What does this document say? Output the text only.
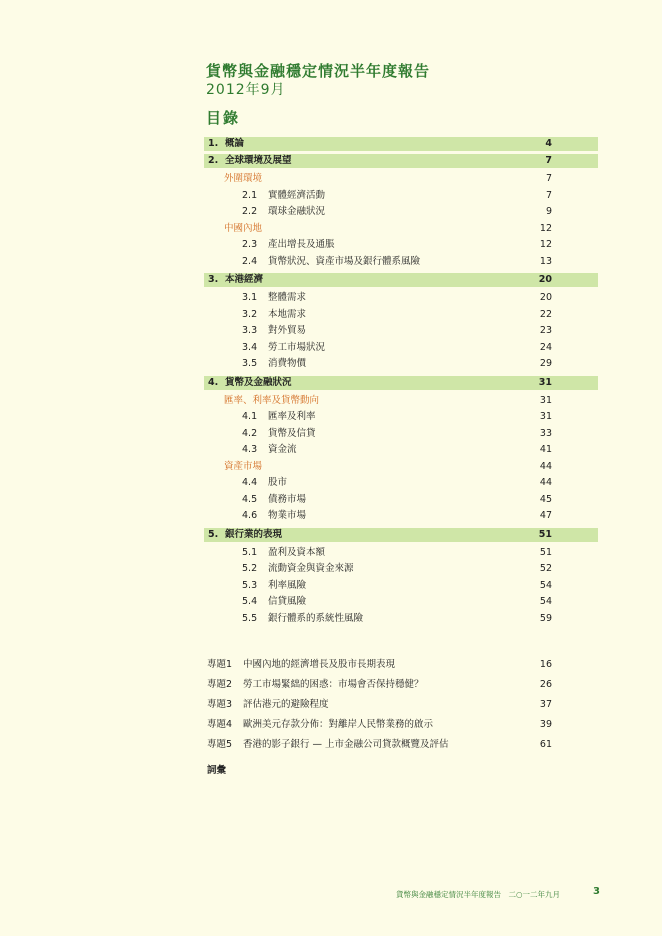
貨幣與金融穩定情況半年度報告
2012年9月
目錄
1. 概論	4
2. 全球環境及展望	7
外圍環境	7
2.1 實體經濟活動	7
2.2 環球金融狀況	9
中國內地	12
2.3 產出增長及通脹	12
2.4 貨幣狀況、資產市場及銀行體系風險	13
3. 本港經濟	20
3.1 整體需求	20
3.2 本地需求	22
3.3 對外貿易	23
3.4 勞工市場狀況	24
3.5 消費物價	29
4. 貨幣及金融狀況	31
匯率、利率及貨幣動向	31
4.1 匯率及利率	31
4.2 貨幣及信貸	33
4.3 資金流	41
資產市場	44
4.4 股市	44
4.5 債務市場	45
4.6 物業市場	47
5. 銀行業的表現	51
5.1 盈利及資本額	51
5.2 流動資金與資金來源	52
5.3 利率風險	54
5.4 信貸風險	54
5.5 銀行體系的系統性風險	59
專題1 中國內地的經濟增長及股市長期表現	16
專題2 勞工市場緊絀的困惑：市場會否保持穩健？	26
專題3 評估港元的避險程度	37
專題4 歐洲美元存款分佈：對離岸人民幣業務的啟示	39
專題5 香港的影子銀行 — 上市金融公司貸款概覽及評估	61
詞彙
貨幣與金融穩定情況半年度報告　二○一二年九月	3
